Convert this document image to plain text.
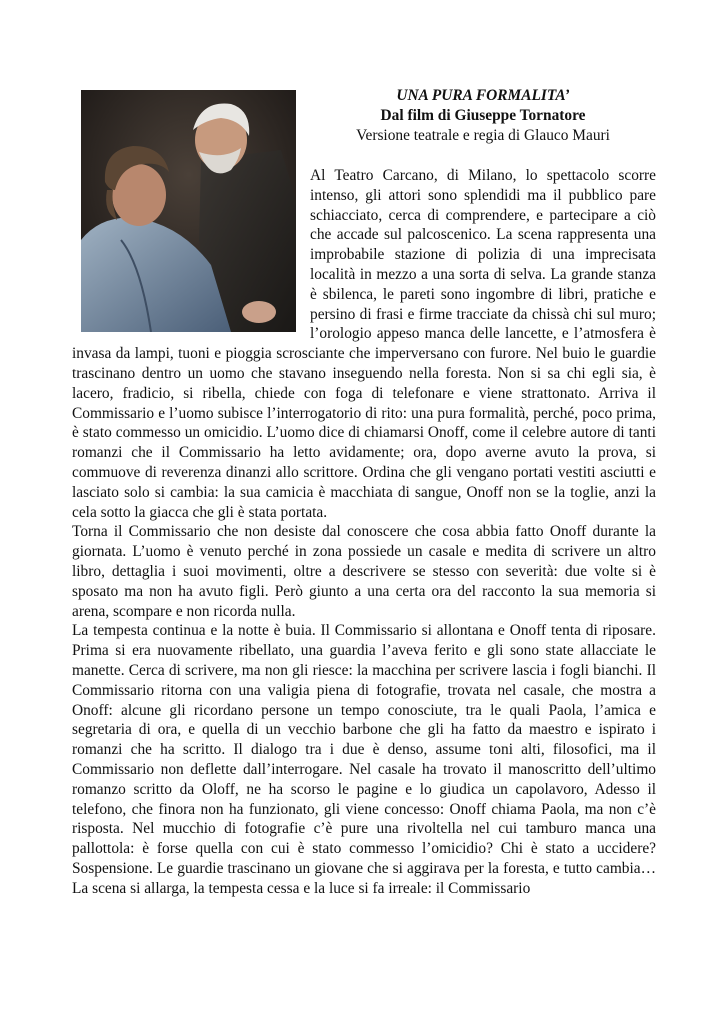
UNA PURA FORMALITA’
Dal film di Giuseppe Tornatore
Versione teatrale e regia di Glauco Mauri

Al Teatro Carcano, di Milano, lo spettacolo scorre intenso, gli attori sono splendidi ma il pubblico pare schiacciato, cerca di comprendere, e partecipare a ciò che accade sul palcoscenico. La scena rappresenta una improbabile stazione di polizia di una imprecisata località in mezzo a una sorta di selva. La grande stanza è sbilenca, le pareti sono ingombre di libri, pratiche e persino di frasi e firme tracciate da chissà chi sul muro; l’orologio appeso manca delle lancette, e l’atmosfera è invasa da lampi, tuoni e pioggia scrosciante che imperversano con furore. Nel buio le guardie trascinano dentro un uomo che stavano inseguendo nella foresta. Non si sa chi egli sia, è lacero, fradicio, si ribella, chiede con foga di telefonare e viene strattonato. Arriva il Commissario e l’uomo subisce l’interrogatorio di rito: una pura formalità, perché, poco prima, è stato commesso un omicidio. L’uomo dice di chiamarsi Onoff, come il celebre autore di tanti romanzi che il Commissario ha letto avidamente; ora, dopo averne avuto la prova, si commuove di reverenza dinanzi allo scrittore. Ordina che gli vengano portati vestiti asciutti e lasciato solo si cambia: la sua camicia è macchiata di sangue, Onoff non se la toglie, anzi la cela sotto la giacca che gli è stata portata.

Torna il Commissario che non desiste dal conoscere che cosa abbia fatto Onoff durante la giornata. L’uomo è venuto perché in zona possiede un casale e medita di scrivere un altro libro, dettaglia i suoi movimenti, oltre a descrivere se stesso con severità: due volte si è sposato ma non ha avuto figli. Però giunto a una certa ora del racconto la sua memoria si arena, scompare e non ricorda nulla.

La tempesta continua e la notte è buia. Il Commissario si allontana e Onoff tenta di riposare. Prima si era nuovamente ribellato, una guardia l’aveva ferito e gli sono state allacciate le manette. Cerca di scrivere, ma non gli riesce: la macchina per scrivere lascia i fogli bianchi. Il Commissario ritorna con una valigia piena di fotografie, trovata nel casale, che mostra a Onoff: alcune gli ricordano persone un tempo conosciute, tra le quali Paola, l’amica e segretaria di ora, e quella di un vecchio barbone che gli ha fatto da maestro e ispirato i romanzi che ha scritto. Il dialogo tra i due è denso, assume toni alti, filosofici, ma il Commissario non deflette dall’interrogare. Nel casale ha trovato il manoscritto dell’ultimo romanzo scritto da Oloff, ne ha scorso le pagine e lo giudica un capolavoro, Adesso il telefono, che finora non ha funzionato, gli viene concesso: Onoff chiama Paola, ma non c’è risposta. Nel mucchio di fotografie c’è pure una rivoltella nel cui tamburo manca una pallottola: è forse quella con cui è stato commesso l’omicidio? Chi è stato a uccidere? Sospensione. Le guardie trascinano un giovane che si aggirava per la foresta, e tutto cambia… La scena si allarga, la tempesta cessa e la luce si fa irreale: il Commissario
